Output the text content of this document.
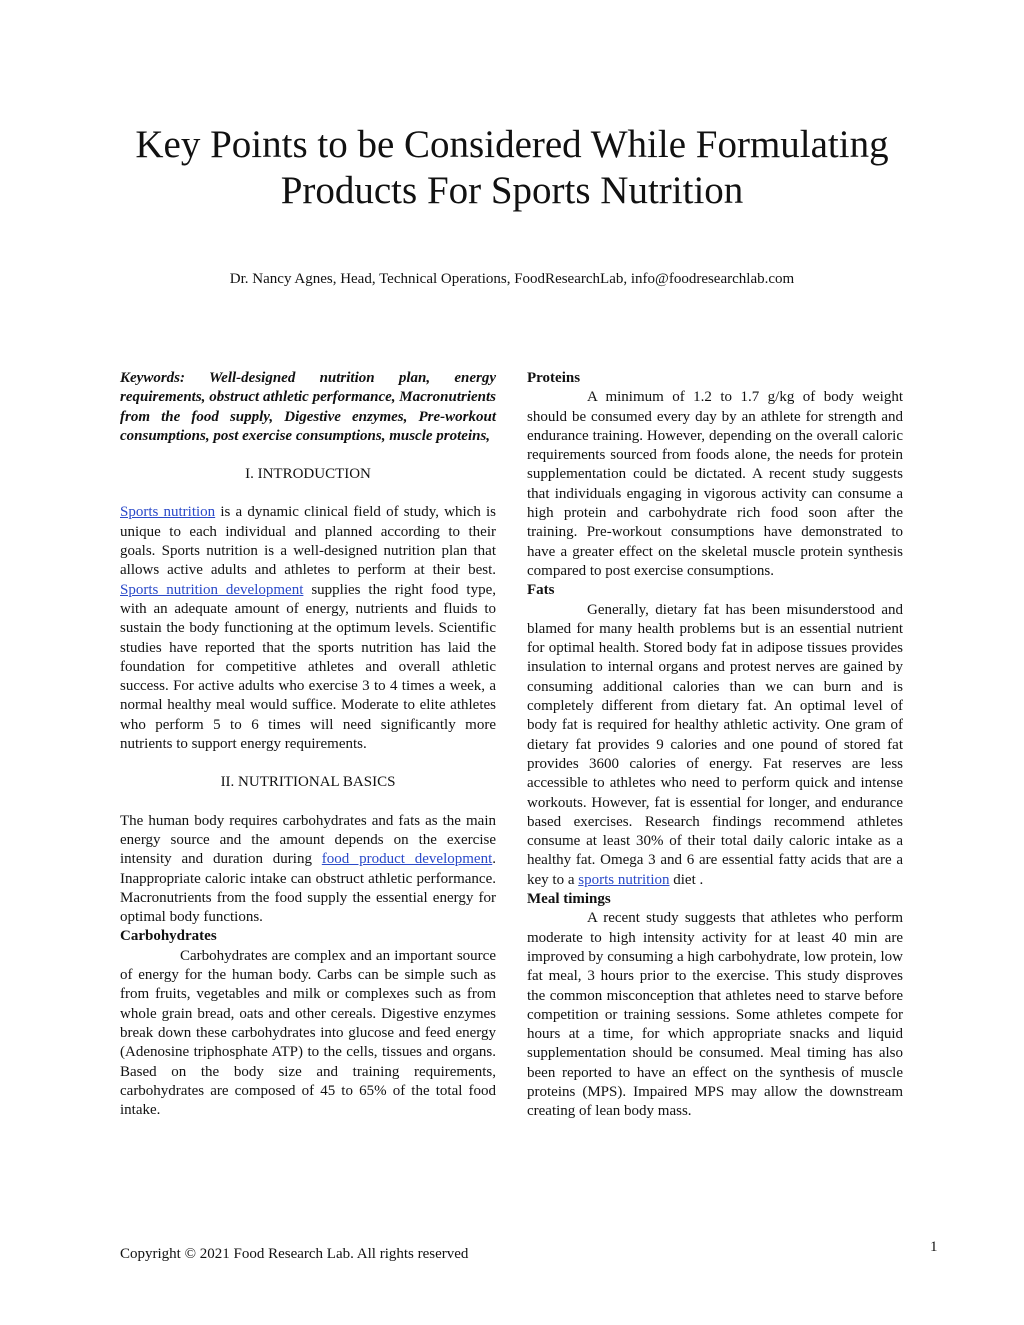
Key Points to be Considered While Formulating
Products For Sports Nutrition

Dr. Nancy Agnes, Head, Technical Operations, FoodResearchLab, info@foodresearchlab.com

Keywords: Well-designed nutrition plan, energy requirements, obstruct athletic performance, Macronutrients from the food supply, Digestive enzymes, Pre-workout consumptions, post exercise consumptions, muscle proteins,

I. INTRODUCTION

Sports nutrition is a dynamic clinical field of study, which is unique to each individual and planned according to their goals. Sports nutrition is a well-designed nutrition plan that allows active adults and athletes to perform at their best. Sports nutrition development supplies the right food type, with an adequate amount of energy, nutrients and fluids to sustain the body functioning at the optimum levels. Scientific studies have reported that the sports nutrition has laid the foundation for competitive athletes and overall athletic success. For active adults who exercise 3 to 4 times a week, a normal healthy meal would suffice. Moderate to elite athletes who perform 5 to 6 times will need significantly more nutrients to support energy requirements.

II. NUTRITIONAL BASICS

The human body requires carbohydrates and fats as the main energy source and the amount depends on the exercise intensity and duration during food product development. Inappropriate caloric intake can obstruct athletic performance. Macronutrients from the food supply the essential energy for optimal body functions.

Carbohydrates

Carbohydrates are complex and an important source of energy for the human body. Carbs can be simple such as from fruits, vegetables and milk or complexes such as from whole grain bread, oats and other cereals. Digestive enzymes break down these carbohydrates into glucose and feed energy (Adenosine triphosphate ATP) to the cells, tissues and organs. Based on the body size and training requirements, carbohydrates are composed of 45 to 65% of the total food intake.

Proteins

A minimum of 1.2 to 1.7 g/kg of body weight should be consumed every day by an athlete for strength and endurance training. However, depending on the overall caloric requirements sourced from foods alone, the needs for protein supplementation could be dictated. A recent study suggests that individuals engaging in vigorous activity can consume a high protein and carbohydrate rich food soon after the training. Pre-workout consumptions have demonstrated to have a greater effect on the skeletal muscle protein synthesis compared to post exercise consumptions.

Fats

Generally, dietary fat has been misunderstood and blamed for many health problems but is an essential nutrient for optimal health. Stored body fat in adipose tissues provides insulation to internal organs and protest nerves are gained by consuming additional calories than we can burn and is completely different from dietary fat. An optimal level of body fat is required for healthy athletic activity. One gram of dietary fat provides 9 calories and one pound of stored fat provides 3600 calories of energy. Fat reserves are less accessible to athletes who need to perform quick and intense workouts. However, fat is essential for longer, and endurance based exercises. Research findings recommend athletes consume at least 30% of their total daily caloric intake as a healthy fat. Omega 3 and 6 are essential fatty acids that are a key to a sports nutrition diet .

Meal timings

A recent study suggests that athletes who perform moderate to high intensity activity for at least 40 min are improved by consuming a high carbohydrate, low protein, low fat meal, 3 hours prior to the exercise. This study disproves the common misconception that athletes need to starve before competition or training sessions. Some athletes compete for hours at a time, for which appropriate snacks and liquid supplementation should be consumed. Meal timing has also been reported to have an effect on the synthesis of muscle proteins (MPS). Impaired MPS may allow the downstream creating of lean body mass.

Copyright © 2021 Food Research Lab. All rights reserved	1
